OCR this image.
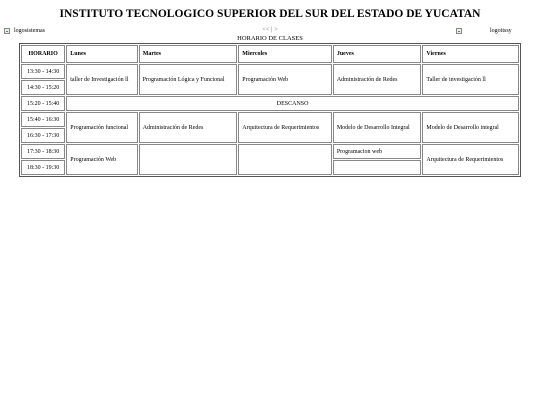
INSTITUTO TECNOLOGICO SUPERIOR DEL SUR DEL ESTADO DE YUCATAN
logosistemas	<< | >
HORARIO DE CLASES
logoitssy
HORARIO	Lunes	Martes	Miercoles	Jueves	Viernes
13:30 - 14:30	taller de Investigación ll	Programación Lógica y Funcional	Programación Web	Administración de Redes	Taller de investigación ll
14:30 - 15:20					
15:20 - 15:40	DESCANSO				
15:40 - 16:30	Programación funcional	Administración de Redes	Arquitectura de Requerimientos	Modelo de Desarrollo Integral	Modelo de Desarrollo integral
16:30 - 17:30					
17:30 - 18:30	Programación Web			Programacion web	Arquitectura de Requerimientos
18:30 - 19:30					
